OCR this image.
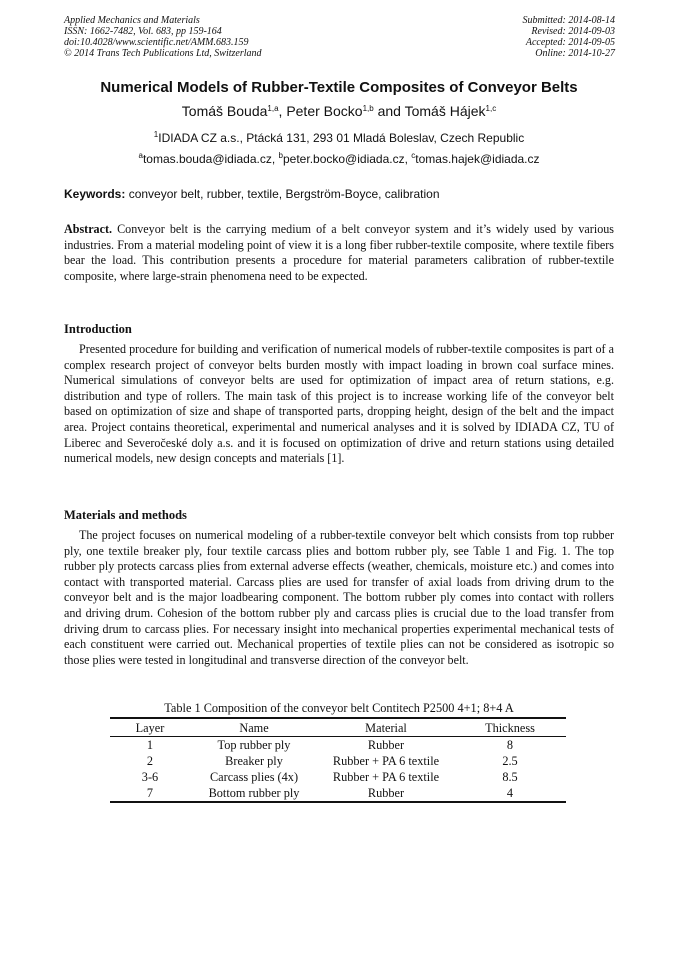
Applied Mechanics and Materials
ISSN: 1662-7482, Vol. 683, pp 159-164
doi:10.4028/www.scientific.net/AMM.683.159
© 2014 Trans Tech Publications Ltd, Switzerland
Submitted: 2014-08-14
Revised: 2014-09-03
Accepted: 2014-09-05
Online: 2014-10-27
Numerical Models of Rubber-Textile Composites of Conveyor Belts
Tomáš Bouda$^{1,a}$, Peter Bocko$^{1,b}$ and Tomáš Hájek$^{1,c}$
$^1$IDIADA CZ a.s., Ptácká 131, 293 01 Mladá Boleslav, Czech Republic
$^a$tomas.bouda@idiada.cz, $^b$peter.bocko@idiada.cz, $^c$tomas.hajek@idiada.cz
Keywords: conveyor belt, rubber, textile, Bergström-Boyce, calibration

Abstract. Conveyor belt is the carrying medium of a belt conveyor system and it’s widely used by various industries. From a material modeling point of view it is a long fiber rubber-textile composite, where textile fibers bear the load. This contribution presents a procedure for material parameters calibration of rubber-textile composite, where large-strain phenomena need to be expected.

Introduction

Presented procedure for building and verification of numerical models of rubber-textile composites is part of a complex research project of conveyor belts burden mostly with impact loading in brown coal surface mines. Numerical simulations of conveyor belts are used for optimization of impact area of return stations, e.g. distribution and type of rollers. The main task of this project is to increase working life of the conveyor belt based on optimization of size and shape of transported parts, dropping height, design of the belt and the impact area. Project contains theoretical, experimental and numerical analyses and it is solved by IDIADA CZ, TU of Liberec and Severočeské doly a.s. and it is focused on optimization of drive and return stations using detailed numerical models, new design concepts and materials [1].

Materials and methods

The project focuses on numerical modeling of a rubber-textile conveyor belt which consists from top rubber ply, one textile breaker ply, four textile carcass plies and bottom rubber ply, see Table 1 and Fig. 1. The top rubber ply protects carcass plies from external adverse effects (weather, chemicals, moisture etc.) and comes into contact with transported material. Carcass plies are used for transfer of axial loads from driving drum to the conveyor belt and is the major loadbearing component. The bottom rubber ply comes into contact with rollers and driving drum. Cohesion of the bottom rubber ply and carcass plies is crucial due to the load transfer from driving drum to carcass plies. For necessary insight into mechanical properties experimental mechanical tests of each constituent were carried out. Mechanical properties of textile plies can not be considered as isotropic so those plies were tested in longitudinal and transverse direction of the conveyor belt.

Table 1 Composition of the conveyor belt Contitech P2500 4+1; 8+4 A
Layer	Name	Material	Thickness
1	Top rubber ply	Rubber	8
2	Breaker ply	Rubber + PA 6 textile	2.5
3-6	Carcass plies (4x)	Rubber + PA 6 textile	8.5
7	Bottom rubber ply	Rubber	4
